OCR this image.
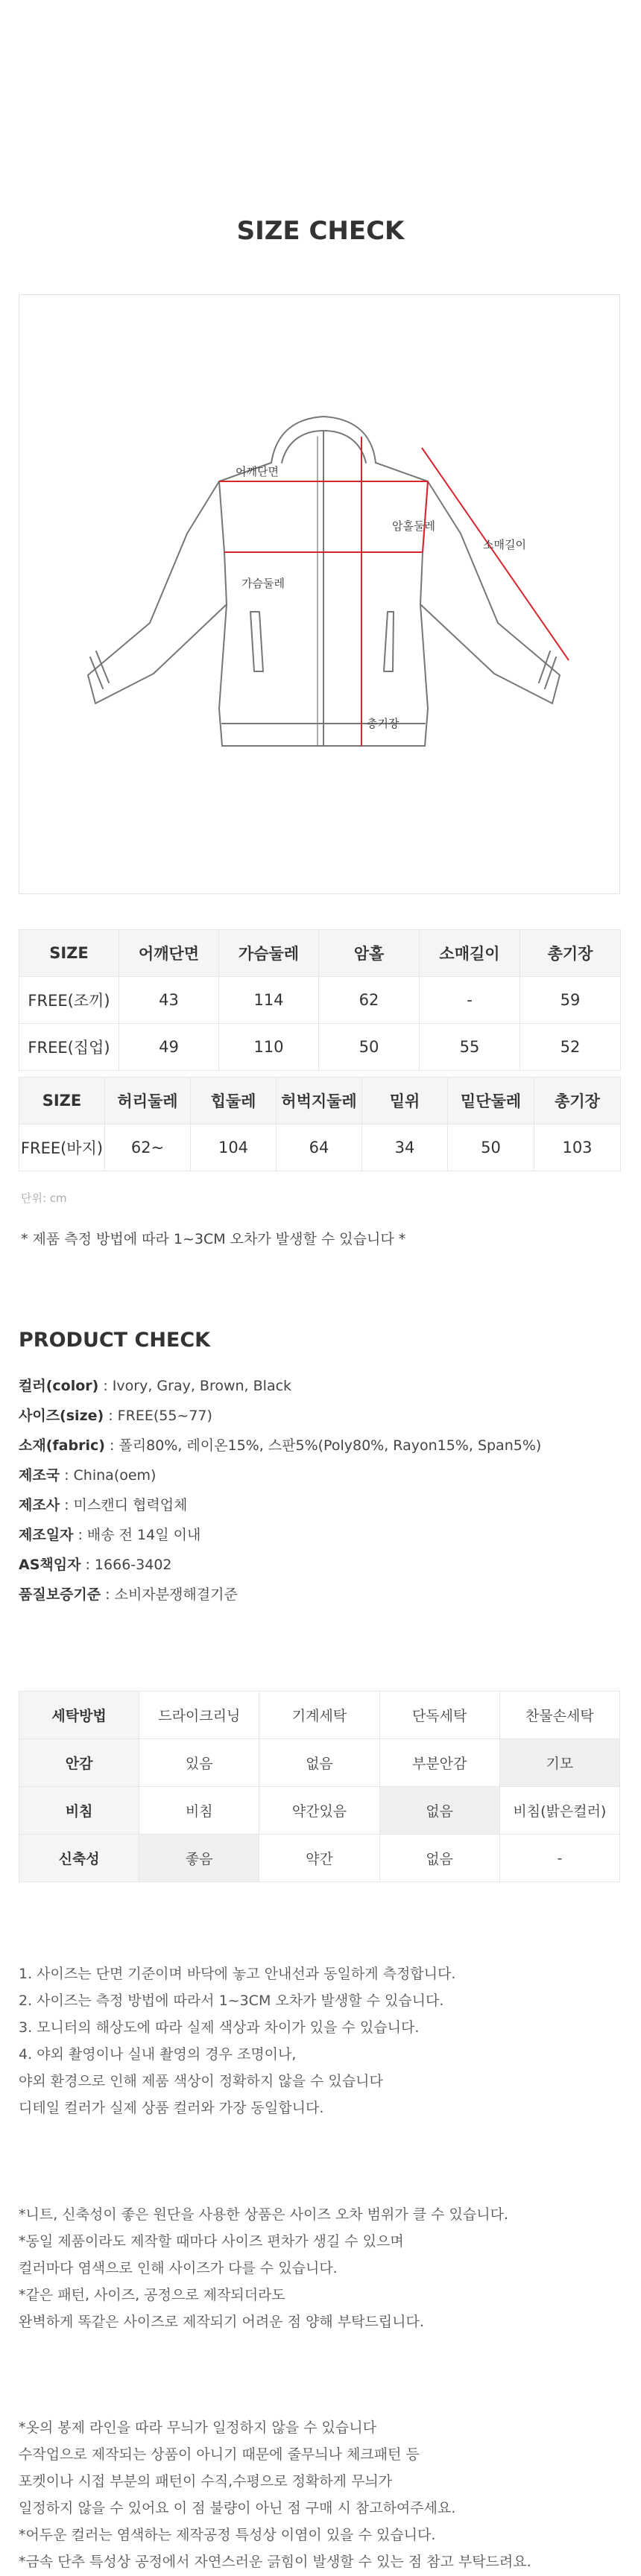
SIZE CHECK
어깨단면
암홀둘레
소매길이
가슴둘레
총기장
SIZE	어깨단면	가슴둘레	암홀	소매길이	총기장
FREE(조끼)	43	114	62	-	59
FREE(집업)	49	110	50	55	52
SIZE	허리둘레	힙둘레	허벅지둘레	밑위	밑단둘레	총기장
FREE(바지)	62~	104	64	34	50	103
단위: cm
* 제품 측정 방법에 따라 1~3CM 오차가 발생할 수 있습니다 *
PRODUCT CHECK
컬러(color) : Ivory, Gray, Brown, Black
사이즈(size) : FREE(55~77)
소재(fabric) : 폴리80%, 레이온15%, 스판5%(Poly80%, Rayon15%, Span5%)
제조국 : China(oem)
제조사 : 미스캔디 협력업체
제조일자 : 배송 전 14일 이내
AS책임자 : 1666-3402
품질보증기준 : 소비자분쟁해결기준
세탁방법	드라이크리닝	기계세탁	단독세탁	찬물손세탁
안감	있음	없음	부분안감	기모
비침	비침	약간있음	없음	비침(밝은컬러)
신축성	좋음	약간	없음	-

1. 사이즈는 단면 기준이며 바닥에 놓고 안내선과 동일하게 측정합니다.

2. 사이즈는 측정 방법에 따라서 1~3CM 오차가 발생할 수 있습니다.

3. 모니터의 해상도에 따라 실제 색상과 차이가 있을 수 있습니다.

4. 야외 촬영이나 실내 촬영의 경우 조명이나,

야외 환경으로 인해 제품 색상이 정확하지 않을 수 있습니다

디테일 컬러가 실제 상품 컬러와 가장 동일합니다.

*니트, 신축성이 좋은 원단을 사용한 상품은 사이즈 오차 범위가 클 수 있습니다.

*동일 제품이라도 제작할 때마다 사이즈 편차가 생길 수 있으며

컬러마다 염색으로 인해 사이즈가 다를 수 있습니다.

*같은 패턴, 사이즈, 공정으로 제작되더라도

완벽하게 똑같은 사이즈로 제작되기 어려운 점 양해 부탁드립니다.

*옷의 봉제 라인을 따라 무늬가 일정하지 않을 수 있습니다

수작업으로 제작되는 상품이 아니기 때문에 줄무늬나 체크패턴 등

포켓이나 시접 부분의 패턴이 수직,수평으로 정확하게 무늬가

일정하지 않을 수 있어요 이 점 불량이 아닌 점 구매 시 참고하여주세요.

*어두운 컬러는 염색하는 제작공정 특성상 이염이 있을 수 있습니다.

*금속 단추 특성상 공정에서 자연스러운 긁힘이 발생할 수 있는 점 참고 부탁드려요.
